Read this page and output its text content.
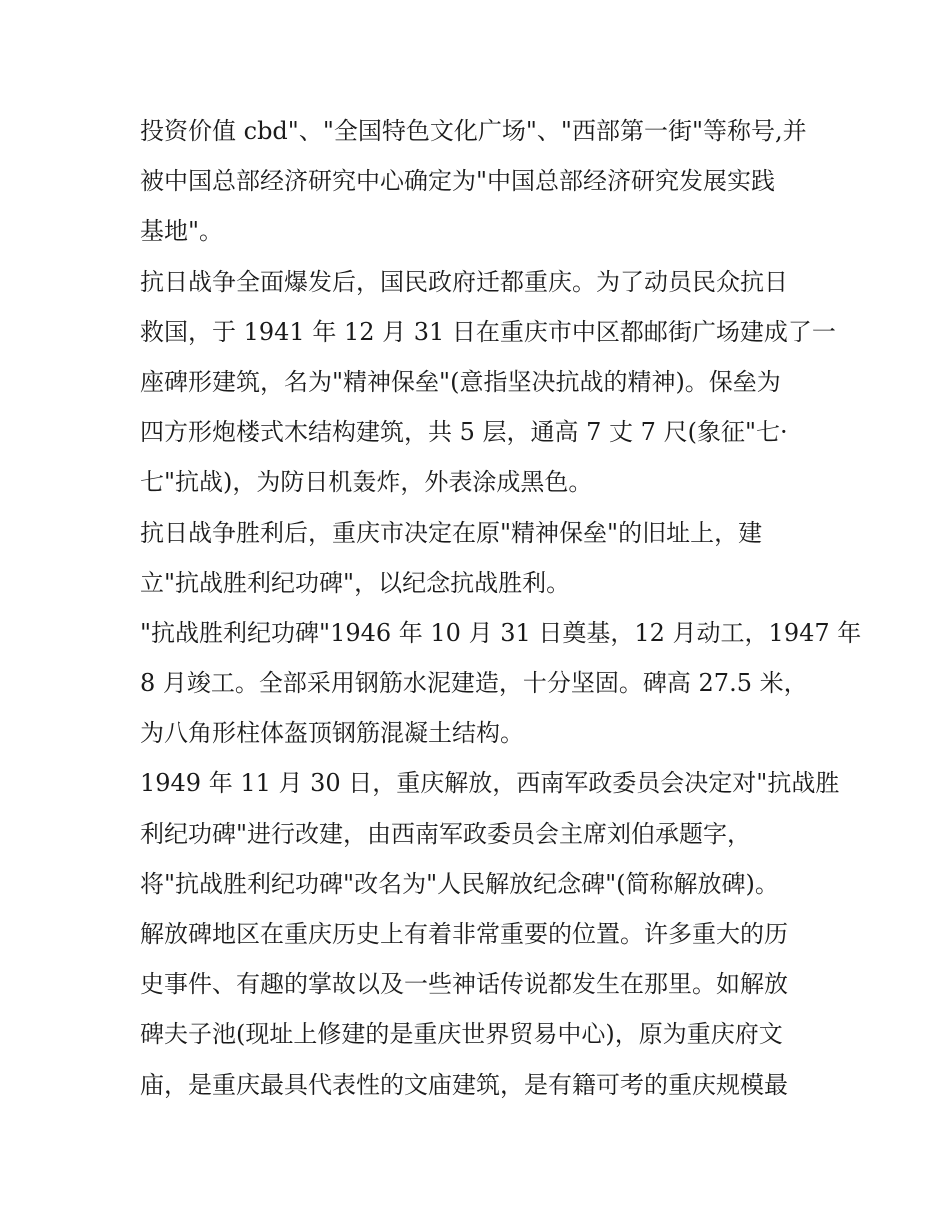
投资价值 cbd"、"全国特色文化广场"、"西部第一街"等称号,并
被中国总部经济研究中心确定为"中国总部经济研究发展实践
基地"。
抗日战争全面爆发后，国民政府迁都重庆。为了动员民众抗日
救国，于 1941 年 12 月 31 日在重庆市中区都邮街广场建成了一
座碑形建筑，名为"精神保垒"(意指坚决抗战的精神)。保垒为
四方形炮楼式木结构建筑，共 5 层，通高 7 丈 7 尺(象征"七·
七"抗战)，为防日机轰炸，外表涂成黑色。
抗日战争胜利后，重庆市决定在原"精神保垒"的旧址上，建
立"抗战胜利纪功碑"，以纪念抗战胜利。
"抗战胜利纪功碑"1946 年 10 月 31 日奠基，12 月动工，1947 年
8 月竣工。全部采用钢筋水泥建造，十分坚固。碑高 27.5 米，
为八角形柱体盔顶钢筋混凝土结构。
1949 年 11 月 30 日，重庆解放，西南军政委员会决定对"抗战胜
利纪功碑"进行改建，由西南军政委员会主席刘伯承题字，
将"抗战胜利纪功碑"改名为"人民解放纪念碑"(简称解放碑)。
解放碑地区在重庆历史上有着非常重要的位置。许多重大的历
史事件、有趣的掌故以及一些神话传说都发生在那里。如解放
碑夫子池(现址上修建的是重庆世界贸易中心)，原为重庆府文
庙，是重庆最具代表性的文庙建筑，是有籍可考的重庆规模最
